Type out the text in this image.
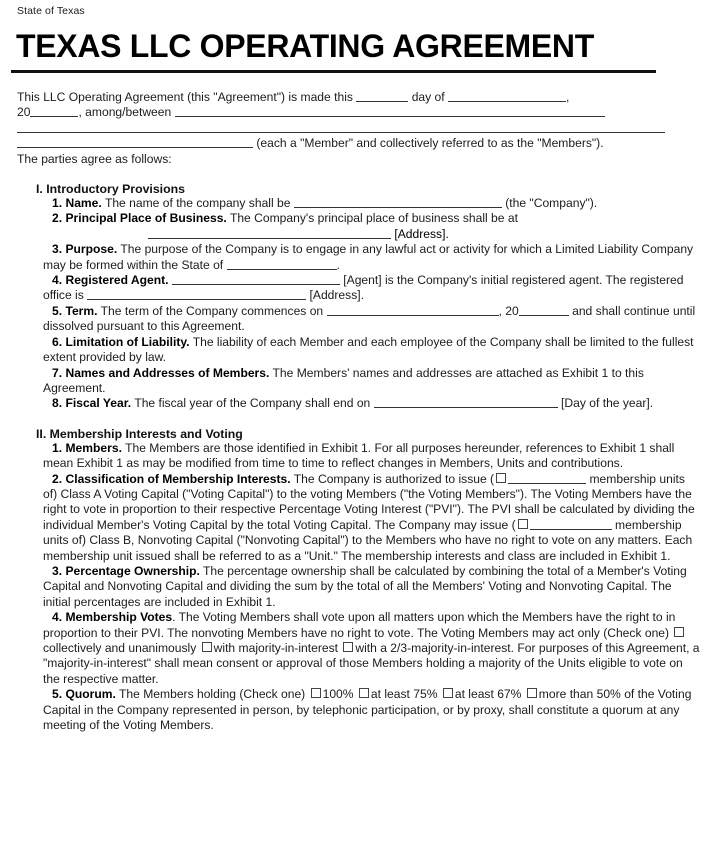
State of Texas
TEXAS LLC OPERATING AGREEMENT
This LLC Operating Agreement (this "Agreement") is made this	day of	,
20	, among/between
(each a "Member" and collectively referred to as the "Members").
The parties agree as follows:
I. Introductory Provisions
1. Name. The name of the company shall be	(the "Company").
2. Principal Place of Business. The Company's principal place of business shall be at
[Address].
3. Purpose. The purpose of the Company is to engage in any lawful act or activity for which a Limited Liability Company may be formed within the State of	.
4. Registered Agent.	[Agent] is the Company's initial registered agent. The registered office is	[Address].
5. Term. The term of the Company commences on	, 20	and shall continue until dissolved pursuant to this Agreement.
6. Limitation of Liability. The liability of each Member and each employee of the Company shall be limited to the fullest extent provided by law.
7. Names and Addresses of Members. The Members' names and addresses are attached as Exhibit 1 to this Agreement.
8. Fiscal Year. The fiscal year of the Company shall end on	[Day of the year].
II. Membership Interests and Voting
1. Members. The Members are those identified in Exhibit 1. For all purposes hereunder, references to Exhibit 1 shall mean Exhibit 1 as may be modified from time to time to reflect changes in Members, Units and contributions.
2. Classification of Membership Interests. The Company is authorized to issue (	membership units of) Class A Voting Capital ("Voting Capital") to the voting Members ("the Voting Members"). The Voting Members have the right to vote in proportion to their respective Percentage Voting Interest ("PVI"). The PVI shall be calculated by dividing the individual Member's Voting Capital by the total Voting Capital. The Company may issue (	membership units of) Class B, Nonvoting Capital ("Nonvoting Capital") to the Members who have no right to vote on any matters. Each membership unit issued shall be referred to as a "Unit." The membership interests and class are included in Exhibit 1.
3. Percentage Ownership. The percentage ownership shall be calculated by combining the total of a Member's Voting Capital and Nonvoting Capital and dividing the sum by the total of all the Members' Voting and Nonvoting Capital. The initial percentages are included in Exhibit 1.
4. Membership Votes. The Voting Members shall vote upon all matters upon which the Members have the right to in proportion to their PVI. The nonvoting Members have no right to vote. The Voting Members may act only (Check one) collectively and unanimously with majority-in-interest with a 2/3-majority-in-interest. For purposes of this Agreement, a "majority-in-interest" shall mean consent or approval of those Members holding a majority of the Units eligible to vote on the respective matter.
5. Quorum. The Members holding (Check one) 100% at least 75% at least 67% more than 50% of the Voting Capital in the Company represented in person, by telephonic participation, or by proxy, shall constitute a quorum at any meeting of the Voting Members.
